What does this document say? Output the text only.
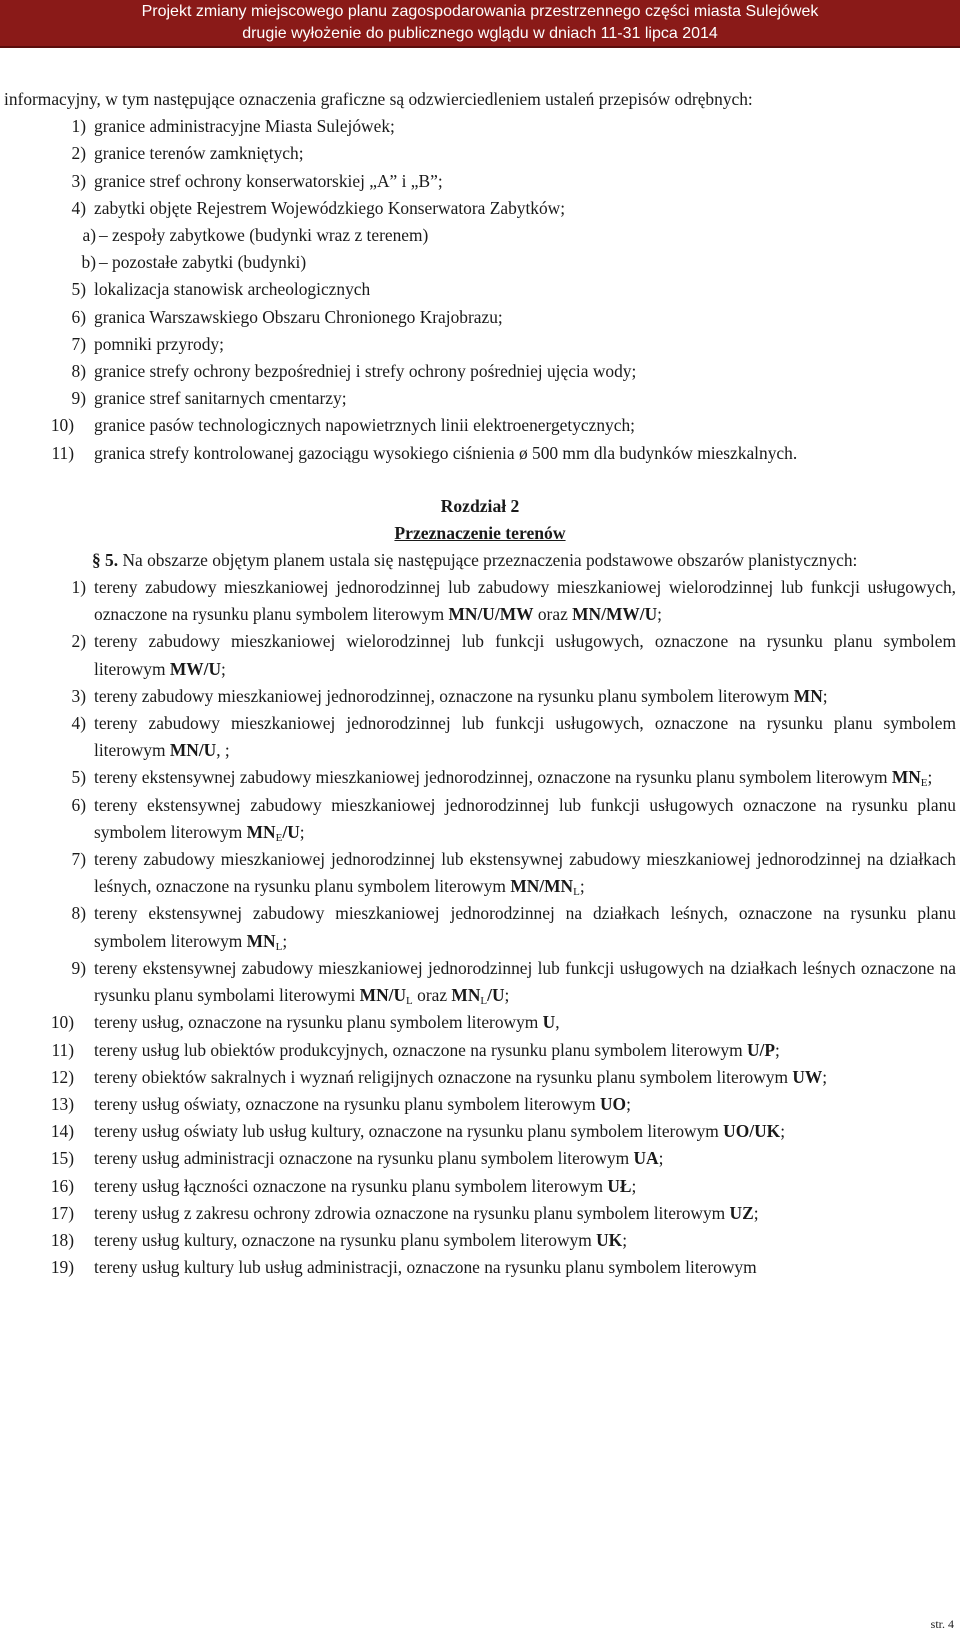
Projekt zmiany miejscowego planu zagospodarowania przestrzennego części miasta Sulejówek
drugie wyłożenie do publicznego wglądu w dniach 11-31 lipca 2014
informacyjny, w tym następujące oznaczenia graficzne są odzwierciedleniem ustaleń przepisów odrębnych:
1) granice administracyjne Miasta Sulejówek;
2) granice terenów zamkniętych;
3) granice stref ochrony konserwatorskiej „A” i „B”;
4) zabytki objęte Rejestrem Wojewódzkiego Konserwatora Zabytków;
a) – zespoły zabytkowe (budynki wraz z terenem)
b) – pozostałe zabytki (budynki)
5) lokalizacja stanowisk archeologicznych
6) granica Warszawskiego Obszaru Chronionego Krajobrazu;
7) pomniki przyrody;
8) granice strefy ochrony bezpośredniej i strefy ochrony pośredniej ujęcia wody;
9) granice stref sanitarnych cmentarzy;
10) granice pasów technologicznych napowietrznych linii elektroenergetycznych;
11) granica strefy kontrolowanej gazociągu wysokiego ciśnienia ø 500 mm dla budynków mieszkalnych.
Rozdział 2
Przeznaczenie terenów
§ 5. Na obszarze objętym planem ustala się następujące przeznaczenia podstawowe obszarów planistycznych:
1) tereny zabudowy mieszkaniowej jednorodzinnej lub zabudowy mieszkaniowej wielorodzinnej lub funkcji usługowych, oznaczone na rysunku planu symbolem literowym MN/U/MW oraz MN/MW/U;
2) tereny zabudowy mieszkaniowej wielorodzinnej lub funkcji usługowych, oznaczone na rysunku planu symbolem literowym MW/U;
3) tereny zabudowy mieszkaniowej jednorodzinnej, oznaczone na rysunku planu symbolem literowym MN;
4) tereny zabudowy mieszkaniowej jednorodzinnej lub funkcji usługowych, oznaczone na rysunku planu symbolem literowym MN/U, ;
5) tereny ekstensywnej zabudowy mieszkaniowej jednorodzinnej, oznaczone na rysunku planu symbolem literowym $MN_E$;
6) tereny ekstensywnej zabudowy mieszkaniowej jednorodzinnej lub funkcji usługowych oznaczone na rysunku planu symbolem literowym $MN_E/U$;
7) tereny zabudowy mieszkaniowej jednorodzinnej lub ekstensywnej zabudowy mieszkaniowej jednorodzinnej na działkach leśnych, oznaczone na rysunku planu symbolem literowym $MN/MN_L$;
8) tereny ekstensywnej zabudowy mieszkaniowej jednorodzinnej na działkach leśnych, oznaczone na rysunku planu symbolem literowym $MN_L$;
9) tereny ekstensywnej zabudowy mieszkaniowej jednorodzinnej lub funkcji usługowych na działkach leśnych oznaczone na rysunku planu symbolami literowymi $MN/U_L$ oraz $MN_L/U$;
10) tereny usług, oznaczone na rysunku planu symbolem literowym U,
11) tereny usług lub obiektów produkcyjnych, oznaczone na rysunku planu symbolem literowym U/P;
12) tereny obiektów sakralnych i wyznań religijnych oznaczone na rysunku planu symbolem literowym UW;
13) tereny usług oświaty, oznaczone na rysunku planu symbolem literowym UO;
14) tereny usług oświaty lub usług kultury, oznaczone na rysunku planu symbolem literowym UO/UK;
15) tereny usług administracji oznaczone na rysunku planu symbolem literowym UA;
16) tereny usług łączności oznaczone na rysunku planu symbolem literowym UŁ;
17) tereny usług z zakresu ochrony zdrowia oznaczone na rysunku planu symbolem literowym UZ;
18) tereny usług kultury, oznaczone na rysunku planu symbolem literowym UK;
19) tereny usług kultury lub usług administracji, oznaczone na rysunku planu symbolem literowym
str. 4
